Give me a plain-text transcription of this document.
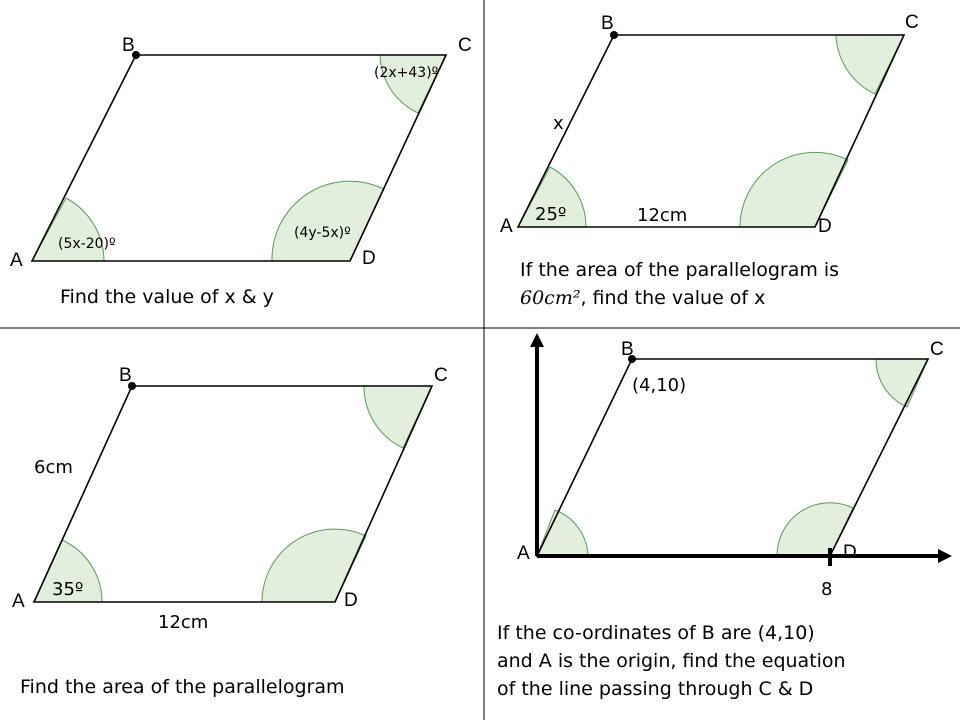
A
B	C
D
(5x-20)º
(2x+43)º
(4y-5x)º
Find the value of x & y
A
B	C
D
x
25º	12cm
If the area of the parallelogram is
60cm², find the value of x
A
B	C
D
6cm
35º
12cm
Find the area of the parallelogram
A
B	C
D
(4,10)
8
If the co-ordinates of B are (4,10)
and A is the origin, find the equation
of the line passing through C & D
